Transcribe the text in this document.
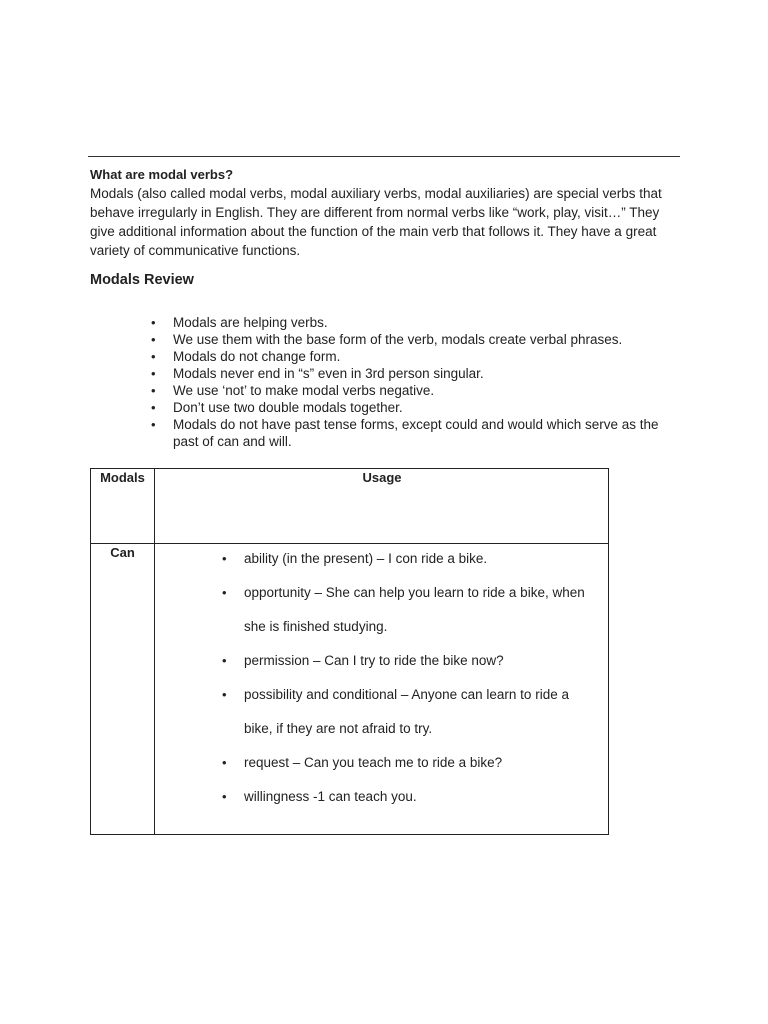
What are modal verbs?

Modals (also called modal verbs, modal auxiliary verbs, modal auxiliaries) are special verbs that behave irregularly in English. They are different from normal verbs like “work, play, visit…” They give additional information about the function of the main verb that follows it. They have a great variety of communicative functions.

Modals Review
• Modals are helping verbs.
• We use them with the base form of the verb, modals create verbal phrases.
• Modals do not change form.
• Modals never end in “s” even in 3rd person singular.
• We use ‘not’ to make modal verbs negative.
• Don’t use two double modals together.
• Modals do not have past tense forms, except could and would which serve as the past of can and will.
Modals	Usage
Can
•	ability (in the present) – I con ride a bike.
• opportunity – She can help you learn to ride a bike, when she is finished studying.
• permission – Can I try to ride the bike now?
• possibility and conditional – Anyone can learn to ride a bike, if they are not afraid to try.
• request – Can you teach me to ride a bike?
• willingness -1 can teach you.
